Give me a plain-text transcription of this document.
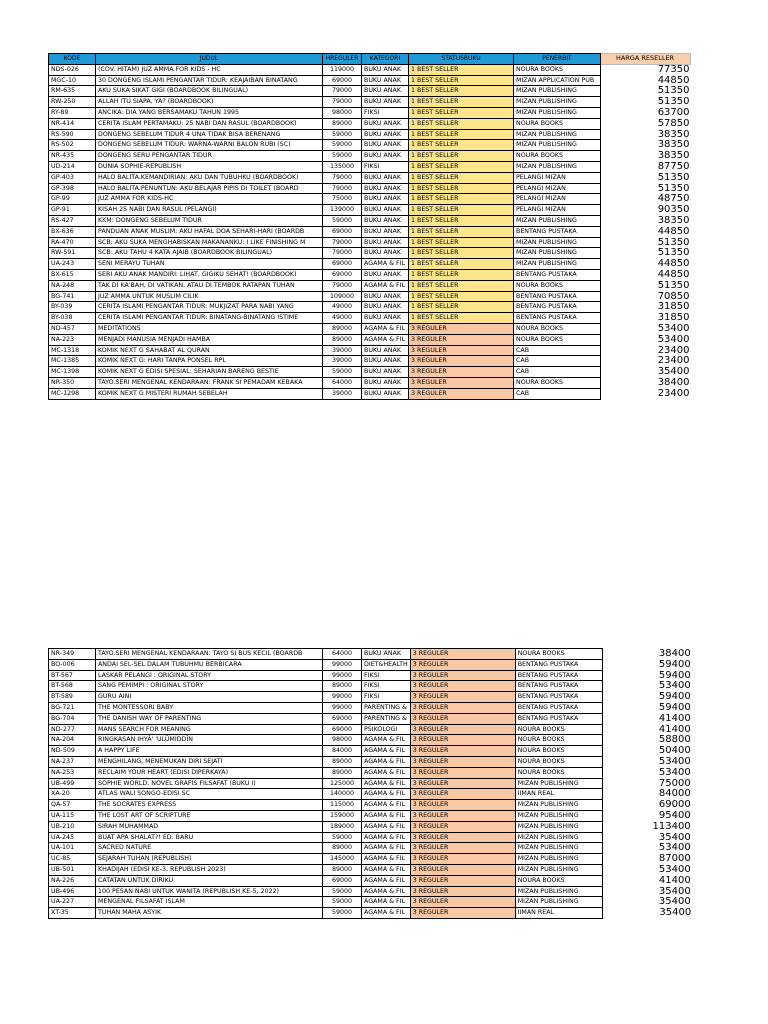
KODE	JUDUL	HREGULER	KATEGORI	STATUSBUKU	PENERBIT	HARGA RESELLER
NDS-026	(COV. HITAM) JUZ AMMA FOR KIDS - HC	119000	BUKU ANAK	1 BEST SELLER	NOURA BOOKS	77350
MGC-10	30 DONGENG ISLAMI PENGANTAR TIDUR: KEAJAIBAN BINATANG	69000	BUKU ANAK	1 BEST SELLER	MIZAN APPLICATION PUB	44850
RM-635	AKU SUKA SIKAT GIGI (BOARDBOOK BILINGUAL)	79000	BUKU ANAK	1 BEST SELLER	MIZAN PUBLISHING	51350
RW-250	ALLAH ITU SIAPA, YA? (BOARDBOOK)	79000	BUKU ANAK	1 BEST SELLER	MIZAN PUBLISHING	51350
RY-89	ANCIKA: DIA YANG BERSAMAKU TAHUN 1995	98000	FIKSI	1 BEST SELLER	MIZAN PUBLISHING	63700
NR-414	CERITA ISLAM PERTAMAKU: 25 NABI DAN RASUL (BOARDBOOK)	89000	BUKU ANAK	1 BEST SELLER	NOURA BOOKS	57850
RS-590	DONGENG SEBELUM TIDUR 4 UNA TIDAK BISA BERENANG	59000	BUKU ANAK	1 BEST SELLER	MIZAN PUBLISHING	38350
RS-502	DONGENG SEBELUM TIDUR: WARNA-WARNI BALON RUBI (SC)	59000	BUKU ANAK	1 BEST SELLER	MIZAN PUBLISHING	38350
NR-435	DONGENG SERU PENGANTAR TIDUR	59000	BUKU ANAK	1 BEST SELLER	NOURA BOOKS	38350
UD-214	DUNIA SOPHIE-REPUBLISH	135000	FIKSI	1 BEST SELLER	MIZAN PUBLISHING	87750
GP-403	HALO BALITA.KEMANDIRIAN: AKU DAN TUBUHKU (BOARDBOOK)	79000	BUKU ANAK	1 BEST SELLER	PELANGI MIZAN	51350
GP-398	HALO BALITA.PENUNTUN: AKU BELAJAR PIPIS DI TOILET (BOARD	79000	BUKU ANAK	1 BEST SELLER	PELANGI MIZAN	51350
GP-99	JUZ AMMA FOR KIDS-HC	75000	BUKU ANAK	1 BEST SELLER	PELANGI MIZAN	48750
GP-91	KISAH 25 NABI DAN RASUL (PELANGI)	139000	BUKU ANAK	1 BEST SELLER	PELANGI MIZAN	90350
RS-427	KKM: DONGENG SEBELUM TIDUR	59000	BUKU ANAK	1 BEST SELLER	MIZAN PUBLISHING	38350
BX-636	PANDUAN ANAK MUSLIM: AKU HAFAL DOA SEHARI-HARI (BOARDB	69000	BUKU ANAK	1 BEST SELLER	BENTANG PUSTAKA	44850
RA-470	SCB: AKU SUKA MENGHABISKAN MAKANANKU: I LIKE FINISHING M	79000	BUKU ANAK	1 BEST SELLER	MIZAN PUBLISHING	51350
RW-591	SCB: AKU TAHU 4 KATA AJAIB (BOARDBOOK BILINGUAL)	79000	BUKU ANAK	1 BEST SELLER	MIZAN PUBLISHING	51350
UA-243	SENI MERAYU TUHAN	69000	AGAMA & FIL	1 BEST SELLER	MIZAN PUBLISHING	44850
BX-615	SERI AKU ANAK MANDIRI: LIHAT, GIGIKU SEHAT! (BOARDBOOK)	69000	BUKU ANAK	1 BEST SELLER	BENTANG PUSTAKA	44850
NA-248	TAK DI KA'BAH, DI VATIKAN, ATAU DI TEMBOK RATAPAN TUHAN	79000	AGAMA & FIL	1 BEST SELLER	NOURA BOOKS	51350
BG-741	JUZ AMMA UNTUK MUSLIM CILIK	109000	BUKU ANAK	1 BEST SELLER	BENTANG PUSTAKA	70850
BY-039	CERITA ISLAMI PENGANTAR TIDUR: MUKJIZAT PARA NABI YANG	49000	BUKU ANAK	1 BEST SELLER	BENTANG PUSTAKA	31850
BY-038	CERITA ISLAMI PENGANTAR TIDUR: BINATANG-BINATANG ISTIME	49000	BUKU ANAK	1 BEST SELLER	BENTANG PUSTAKA	31850
ND-457	MEDITATIONS	89000	AGAMA & FIL	3 REGULER	NOURA BOOKS	53400
NA-223	MENJADI MANUSIA MENJADI HAMBA	89000	AGAMA & FIL	3 REGULER	NOURA BOOKS	53400
MC-1318	KOMIK NEXT G SAHABAT AL QURAN	39000	BUKU ANAK	3 REGULER	CAB	23400
MC-1385	KOMIK NEXT G: HARI TANPA PONSEL RPL	39000	BUKU ANAK	3 REGULER	CAB	23400
MC-1398	KOMIK NEXT G EDISI SPESIAL: SEHARIAN BARENG BESTIE	59000	BUKU ANAK	3 REGULER	CAB	35400
NR-350	TAYO.SERI MENGENAL KENDARAAN: FRANK SI PEMADAM KEBAKA	64000	BUKU ANAK	3 REGULER	NOURA BOOKS	38400
MC-1298	KOMIK NEXT G MISTERI RUMAH SEBELAH	39000	BUKU ANAK	3 REGULER	CAB	23400
NR-349	TAYO.SERI MENGENAL KENDARAAN: TAYO SI BUS KECIL (BOARDB	64000	BUKU ANAK	3 REGULER	NOURA BOOKS	38400
BO-006	ANDAI SEL-SEL DALAM TUBUHMU BERBICARA	99000	DIET&HEALTH	3 REGULER	BENTANG PUSTAKA	59400
BT-567	LASKAR PELANGI : ORIGINAL STORY	99000	FIKSI	3 REGULER	BENTANG PUSTAKA	59400
BT-568	SANG PEMIMPI : ORIGINAL STORY	89000	FIKSI	3 REGULER	BENTANG PUSTAKA	53400
BT-589	GURU AINI	99000	FIKSI	3 REGULER	BENTANG PUSTAKA	59400
BG-721	THE MONTESSORI BABY	99000	PARENTING &	3 REGULER	BENTANG PUSTAKA	59400
BG-704	THE DANISH WAY OF PARENTING	69000	PARENTING &	3 REGULER	BENTANG PUSTAKA	41400
ND-277	MANS SEARCH FOR MEANING	69000	PSIKOLOGI	3 REGULER	NOURA BOOKS	41400
NA-204	RINGKASAN IHYÂ' 'ULÛMIDDÎN	98000	AGAMA & FIL	3 REGULER	NOURA BOOKS	58800
ND-509	A HAPPY LIFE	84000	AGAMA & FIL	3 REGULER	NOURA BOOKS	50400
NA-237	MENGHILANG, MENEMUKAN DIRI SEJATI	89000	AGAMA & FIL	3 REGULER	NOURA BOOKS	53400
NA-253	RECLAIM YOUR HEART (EDISI DIPERKAYA)	89000	AGAMA & FIL	3 REGULER	NOURA BOOKS	53400
UB-499	SOPHIE WORLD. NOVEL GRAFIS FILSAFAT (BUKU I)	125000	AGAMA & FIL	3 REGULER	MIZAN PUBLISHING	75000
XA-20	ATLAS WALI SONGO-EDISI SC	140000	AGAMA & FIL	3 REGULER	IIMAN REAL	84000
QA-57	THE SOCRATES EXPRESS	115000	AGAMA & FIL	3 REGULER	MIZAN PUBLISHING	69000
UA-115	THE LOST ART OF SCRIPTURE	159000	AGAMA & FIL	3 REGULER	MIZAN PUBLISHING	95400
UB-210	SIRAH MUHAMMAD	189000	AGAMA & FIL	3 REGULER	MIZAN PUBLISHING	113400
UA-245	BUAT APA SHALAT?! ED. BARU	59000	AGAMA & FIL	3 REGULER	MIZAN PUBLISHING	35400
UA-101	SACRED NATURE	89000	AGAMA & FIL	3 REGULER	MIZAN PUBLISHING	53400
UC-85	SEJARAH TUHAN (REPUBLISH)	145000	AGAMA & FIL	3 REGULER	MIZAN PUBLISHING	87000
UB-501	KHADIJAH (EDISI KE-3, REPUBLISH 2023)	89000	AGAMA & FIL	3 REGULER	MIZAN PUBLISHING	53400
NA-226	CATATAN UNTUK DIRIKU	69000	AGAMA & FIL	3 REGULER	NOURA BOOKS	41400
UB-496	100 PESAN NABI UNTUK WANITA (REPUBLISH KE-5, 2022)	59000	AGAMA & FIL	3 REGULER	MIZAN PUBLISHING	35400
UA-227	MENGENAL FILSAFAT ISLAM	59000	AGAMA & FIL	3 REGULER	MIZAN PUBLISHING	35400
XT-35	TUHAN MAHA ASYIK	59000	AGAMA & FIL	3 REGULER	IIMAN REAL	35400
